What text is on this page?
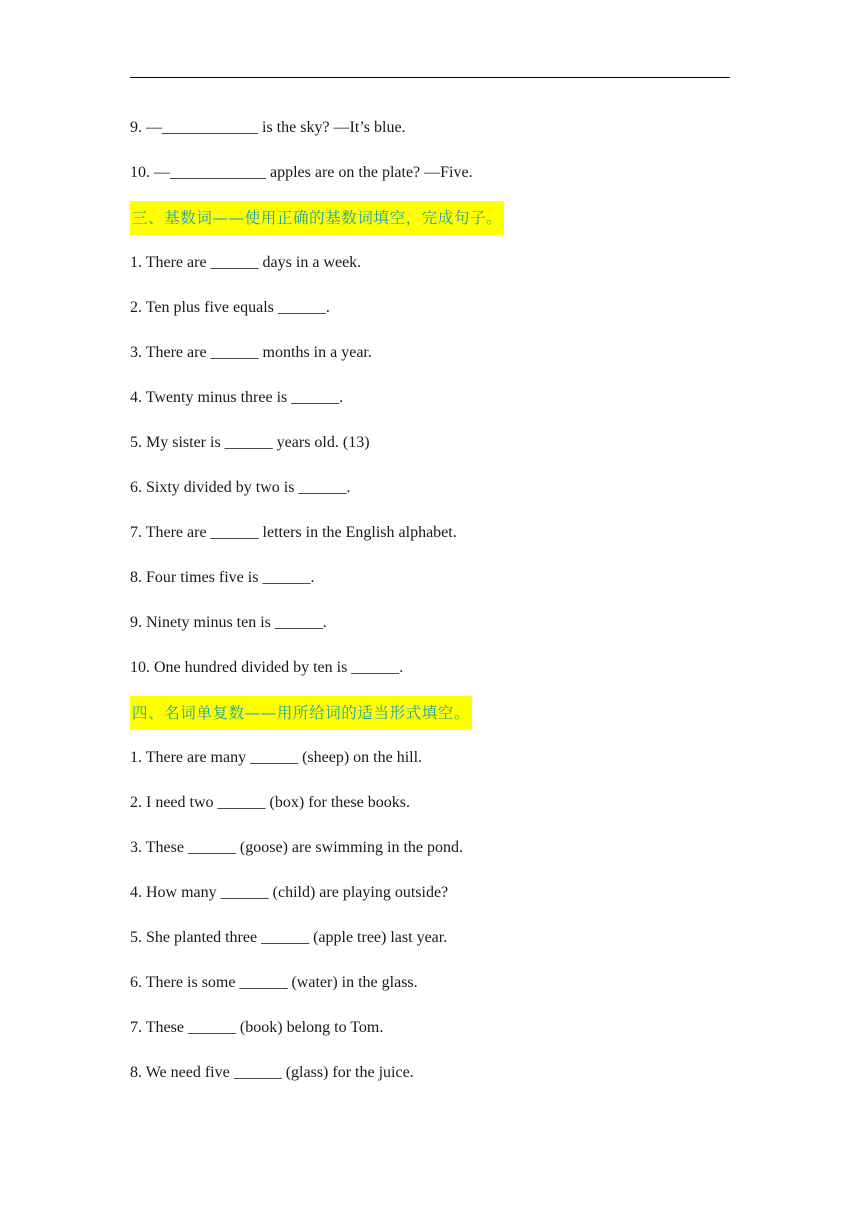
9. —____________ is the sky? —It’s blue.
10. —____________ apples are on the plate? —Five.
三、基数词——使用正确的基数词填空，完成句子。
1. There are ______ days in a week.
2. Ten plus five equals ______.
3. There are ______ months in a year.
4. Twenty minus three is ______.
5. My sister is ______ years old. (13)
6. Sixty divided by two is ______.
7. There are ______ letters in the English alphabet.
8. Four times five is ______.
9. Ninety minus ten is ______.
10. One hundred divided by ten is ______.
四、名词单复数——用所给词的适当形式填空。
1. There are many ______ (sheep) on the hill.
2. I need two ______ (box) for these books.
3. These ______ (goose) are swimming in the pond.
4. How many ______ (child) are playing outside?
5. She planted three ______ (apple tree) last year.
6. There is some ______ (water) in the glass.
7. These ______ (book) belong to Tom.
8. We need five ______ (glass) for the juice.
